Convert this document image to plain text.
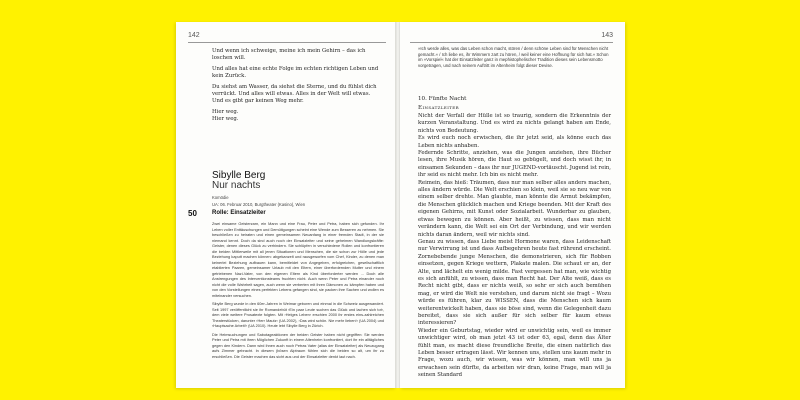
142

Und wenn ich schweige, meine ich mein Gehirn – das ich loschen will.

Und alles hat eine echte Folge im echten richtigen Leben und kein Zurück.

Du siehst am Wasser, da siehst die Sterne, und du fühlst dich verrückt. Und alles will etwas. Alles in der Welt will etwas. Und es gibt gar keinen Weg mehr.

Hier weg.
Hier weg.

Sibylle Berg
Nur nachts
Komödie
UA: 06. Februar 2010, Burgtheater (Kasino), Wien
50	Rolle: Einsatzleiter

Zwei einsame Geisterzarn, ein Mann und eine Frau, Peter und Petra, haben sich gefunden. Ihr Leben voller Enttäuschungen und Demütigungen scheint eine Wende zum Besseren zu nehmen. Sie beschließen zu heiraten und einen gemeinsamen Neuanfang in einer fremden Stadt, in der sie niemand kennt. Doch da sind auch noch der Einsatzleiter und seine geheimen Wandlungskräfte: Geister, denen dieses Glück zu verhindern. Sie schlüpfen in verschiedene Rollen und konfrontieren die beiden Mittlerweile mit all jenen Situationen und Menschen, die sie schon zur Hölle und jede Beziehung kaputt machen können: abgekanzelt und rausgeworfen vom Chef, Kinder, zu denen man keinerlei Beziehung aufbauen kann, bemitleidet von Angegeben, erfolgreichen, gesellschaftlich etablierten Paaren, gemeinsamer Urlaub mit den Eltern, einer überfordernden Mutter und einem getriebenen Nazi-Vater, von den eigenen Eltern als Kind überforderter werden ... Doch alle Anstrengungen des Interventionsteams fruchten nicht. Auch wenn Peter und Petra einander noch nicht die volle Wahrheit sagen, auch wenn sie verberten mit ihren Dämonen zu kämpfen haben und von den Vorstellungen eines perfekten Lebens gefangen sind, sie packen ihre Sachen und wollen es miteinander versuchen.

Sibylle Berg wurde in den 60er-Jahren in Weimar geboren und einmal in die Schweiz ausgewandert. Seit 1997 veröffentlicht sie ihr Romandebüt ›Ein paar Leute suchen das Glück und lachen sich tot‹, dem viele weitere Prosatexte folgten. Mit ›Helges Leben‹ erschien 2000 ihr erstes eins-zahlreichen Theaterstücken, darunter ›Herr Mautz‹ (UA 2002), ›Das wird schön. Nie mehr lieben!‹ (UA 2004) und ›Hauptsache Arbeit!‹ (UA 2010). Heute lebt Sibylle Berg in Zürich.

Die Heimsuchungen und Sabotageaktionen der beiden Geister haben nicht gegriffen: Sie werden Peter und Petra mit ihren Möglichen Zukunft in einem Altenheim konfrontiert, dort ihr ein alltägliches gegen den Kindern. Dann wird ihnen auch noch Petras Vater (alias der Einsatzleiter) als Neuzugang aufs Zimmer gebracht. In diesem (bösen Alptraum fühlen sich die beiden so alt, um ihr zu erschließen. Die Geister machen das sicht aus und der Einsatzleiter denkt laut nach.

143
»Ich werde alles, was das Leben schon macht, stören / denn schöne Leben sind für Menschen nicht gemacht.« / Ich liebe es, ihr Wimmern zart zu hören, / weil keiner eine Hoffnung für sich hat.« Schon im »Vorspiel« hat der Einsatzleiter ganz in mephistophelischer Tradition dieses sein Lebensmotto vorgetragen, und nach seinem Auftritt im Altenheim folgt dieser Devise.
10. Fünfte Nacht
Einsatzleiter

Nicht der Verfall der Hülle ist so traurig, sondern die Erkenntnis der kurzen Veranstaltung. Und es wird zu nichts gelangt haben am Ende, nichts von Bedeutung.

Es wird euch noch erwischen, die ihr jetzt seid, als könne euch das Leben nichts anhaben.

Federnde Schritte, anziehen, was die Jungen anziehen, ihre Bücher lesen, ihre Musik hören, die Haut so gebügelt, und doch wisst ihr, in einsamen Sekunden – dass ihr nur JUGEND-vortäuscht. Jugend ist rein, ihr seid es nicht mehr. Ich bin es nicht mehr.

Reimein, das hieß: Träumen, dass nur man selber alles anders machen, alles ändern würde. Die Welt erschien so klein, weil sie so neu war von einem selber drehte. Man glaubte, man könnte die Armut bekämpfen, die Menschen glücklich machen und Kriege beenden. Mit der Kraft des eigenen Gehirns, mit Kunst oder Sozialarbeit. Wunderbar zu glauben, etwas bewegen zu können. Aber heißt, zu wissen, dass man nicht verändern kann, die Welt sei ein Ort der Verbindung, und wir werden nichts daran ändern, weil wir nichts sind.

Genau zu wissen, dass Liebe meist Hormone waren, dass Leidenschaft nur Verwirrung ist und dass Aufbegehren heute fast rührend erscheint. Zornebebende junge Menschen, die demonstrieren, sich für Robben einsetzen, gegen Kriege wettern, Plakate malen. Die schaut er an, der Alte, und lächelt ein wenig milde. Fast vergessen hat man, wie wichtig es sich anfühlt, zu wissen, dass man Recht hat. Der Alte weiß, dass es Recht nicht gibt, dass er nichts weiß, so sehr er sich auch bemühen mag, er wird die Welt nie verstehen, und darum nicht sie fragt – Wozu würde es führen, klar zu WISSEN, dass die Menschen sich kaum weiterentwickelt haben, dass sie böse sind, wenn die Gelegenheit dazu bereitet, dass sie sich außer für sich selber für kaum etwas interessieren?

Wieder ein Geburtstag, wieder wird er unwichtig sein, weil es immer unwichtiger wird, ob man jetzt 43 ist oder 63, egal, denn das Älter fühlt man, es macht diese freundliche Breite, die einen natürlich das Leben besser ertragen lässt. Wir kennen uns, stellen uns kaum mehr in Frage, wozu auch, wir wissen, was wir können, man will uns ja erwachsen sein dürfte, da arbeiten wir dran, keine Frage, man will ja seinen Standard
